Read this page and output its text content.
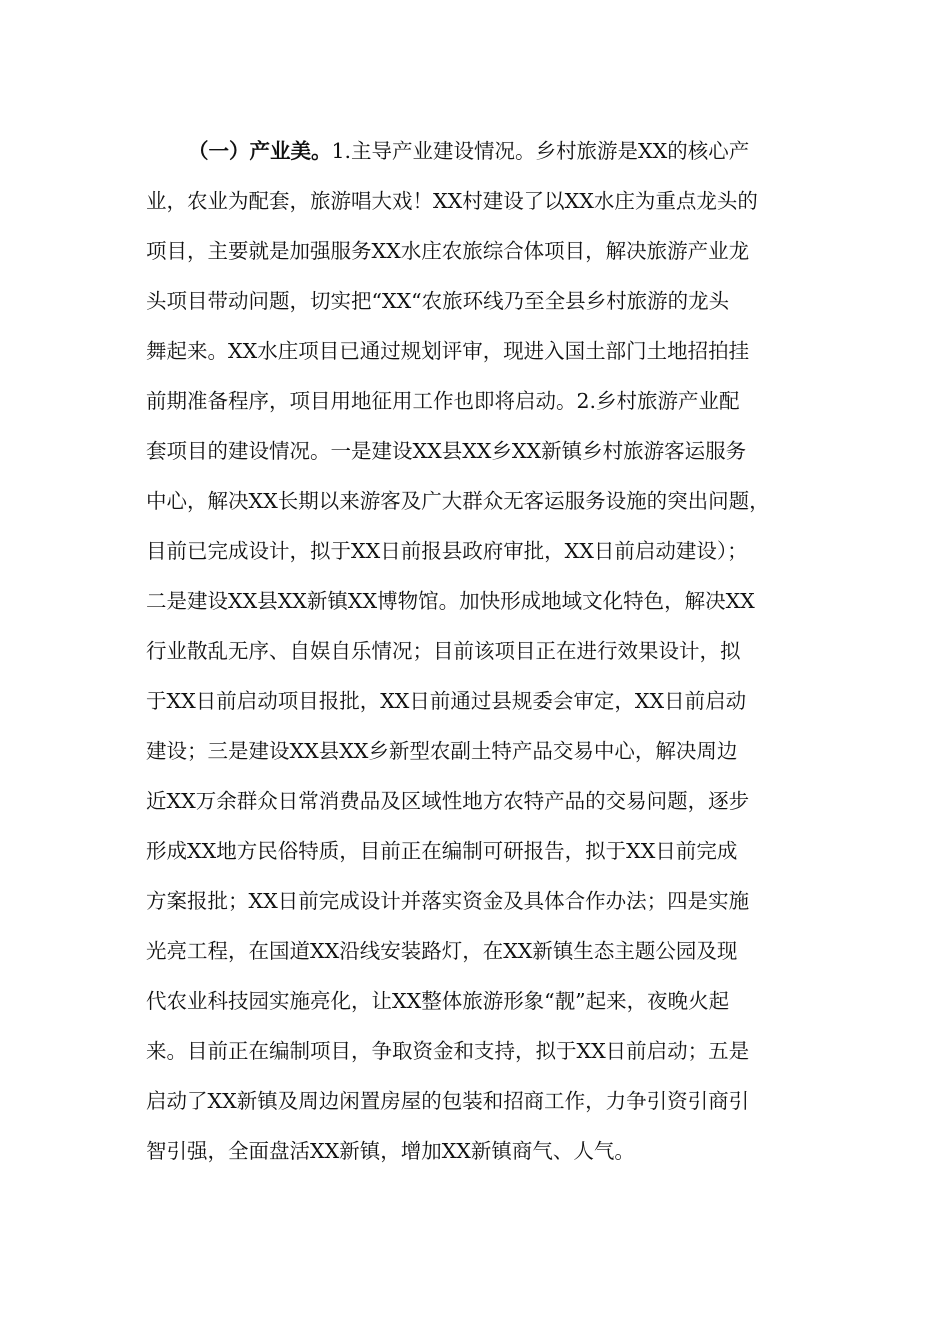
（一）产业美。1.主导产业建设情况。乡村旅游是XX的核心产
业，农业为配套，旅游唱大戏！XX村建设了以XX水庄为重点龙头的
项目，主要就是加强服务XX水庄农旅综合体项目，解决旅游产业龙
头项目带动问题，切实把“XX“农旅环线乃至全县乡村旅游的龙头
舞起来。XX水庄项目已通过规划评审，现进入国土部门土地招拍挂
前期准备程序，项目用地征用工作也即将启动。2.乡村旅游产业配
套项目的建设情况。一是建设XX县XX乡XX新镇乡村旅游客运服务
中心，解决XX长期以来游客及广大群众无客运服务设施的突出问题，
目前已完成设计，拟于XX日前报县政府审批，XX日前启动建设）；
二是建设XX县XX新镇XX博物馆。加快形成地域文化特色，解决XX
行业散乱无序、自娱自乐情况；目前该项目正在进行效果设计，拟
于XX日前启动项目报批，XX日前通过县规委会审定，XX日前启动
建设；三是建设XX县XX乡新型农副土特产品交易中心，解决周边
近XX万余群众日常消费品及区域性地方农特产品的交易问题，逐步
形成XX地方民俗特质，目前正在编制可研报告，拟于XX日前完成
方案报批；XX日前完成设计并落实资金及具体合作办法；四是实施
光亮工程，在国道XX沿线安装路灯，在XX新镇生态主题公园及现
代农业科技园实施亮化，让XX整体旅游形象“靓”起来，夜晚火起
来。目前正在编制项目，争取资金和支持，拟于XX日前启动；五是
启动了XX新镇及周边闲置房屋的包装和招商工作，力争引资引商引
智引强，全面盘活XX新镇，增加XX新镇商气、人气。
